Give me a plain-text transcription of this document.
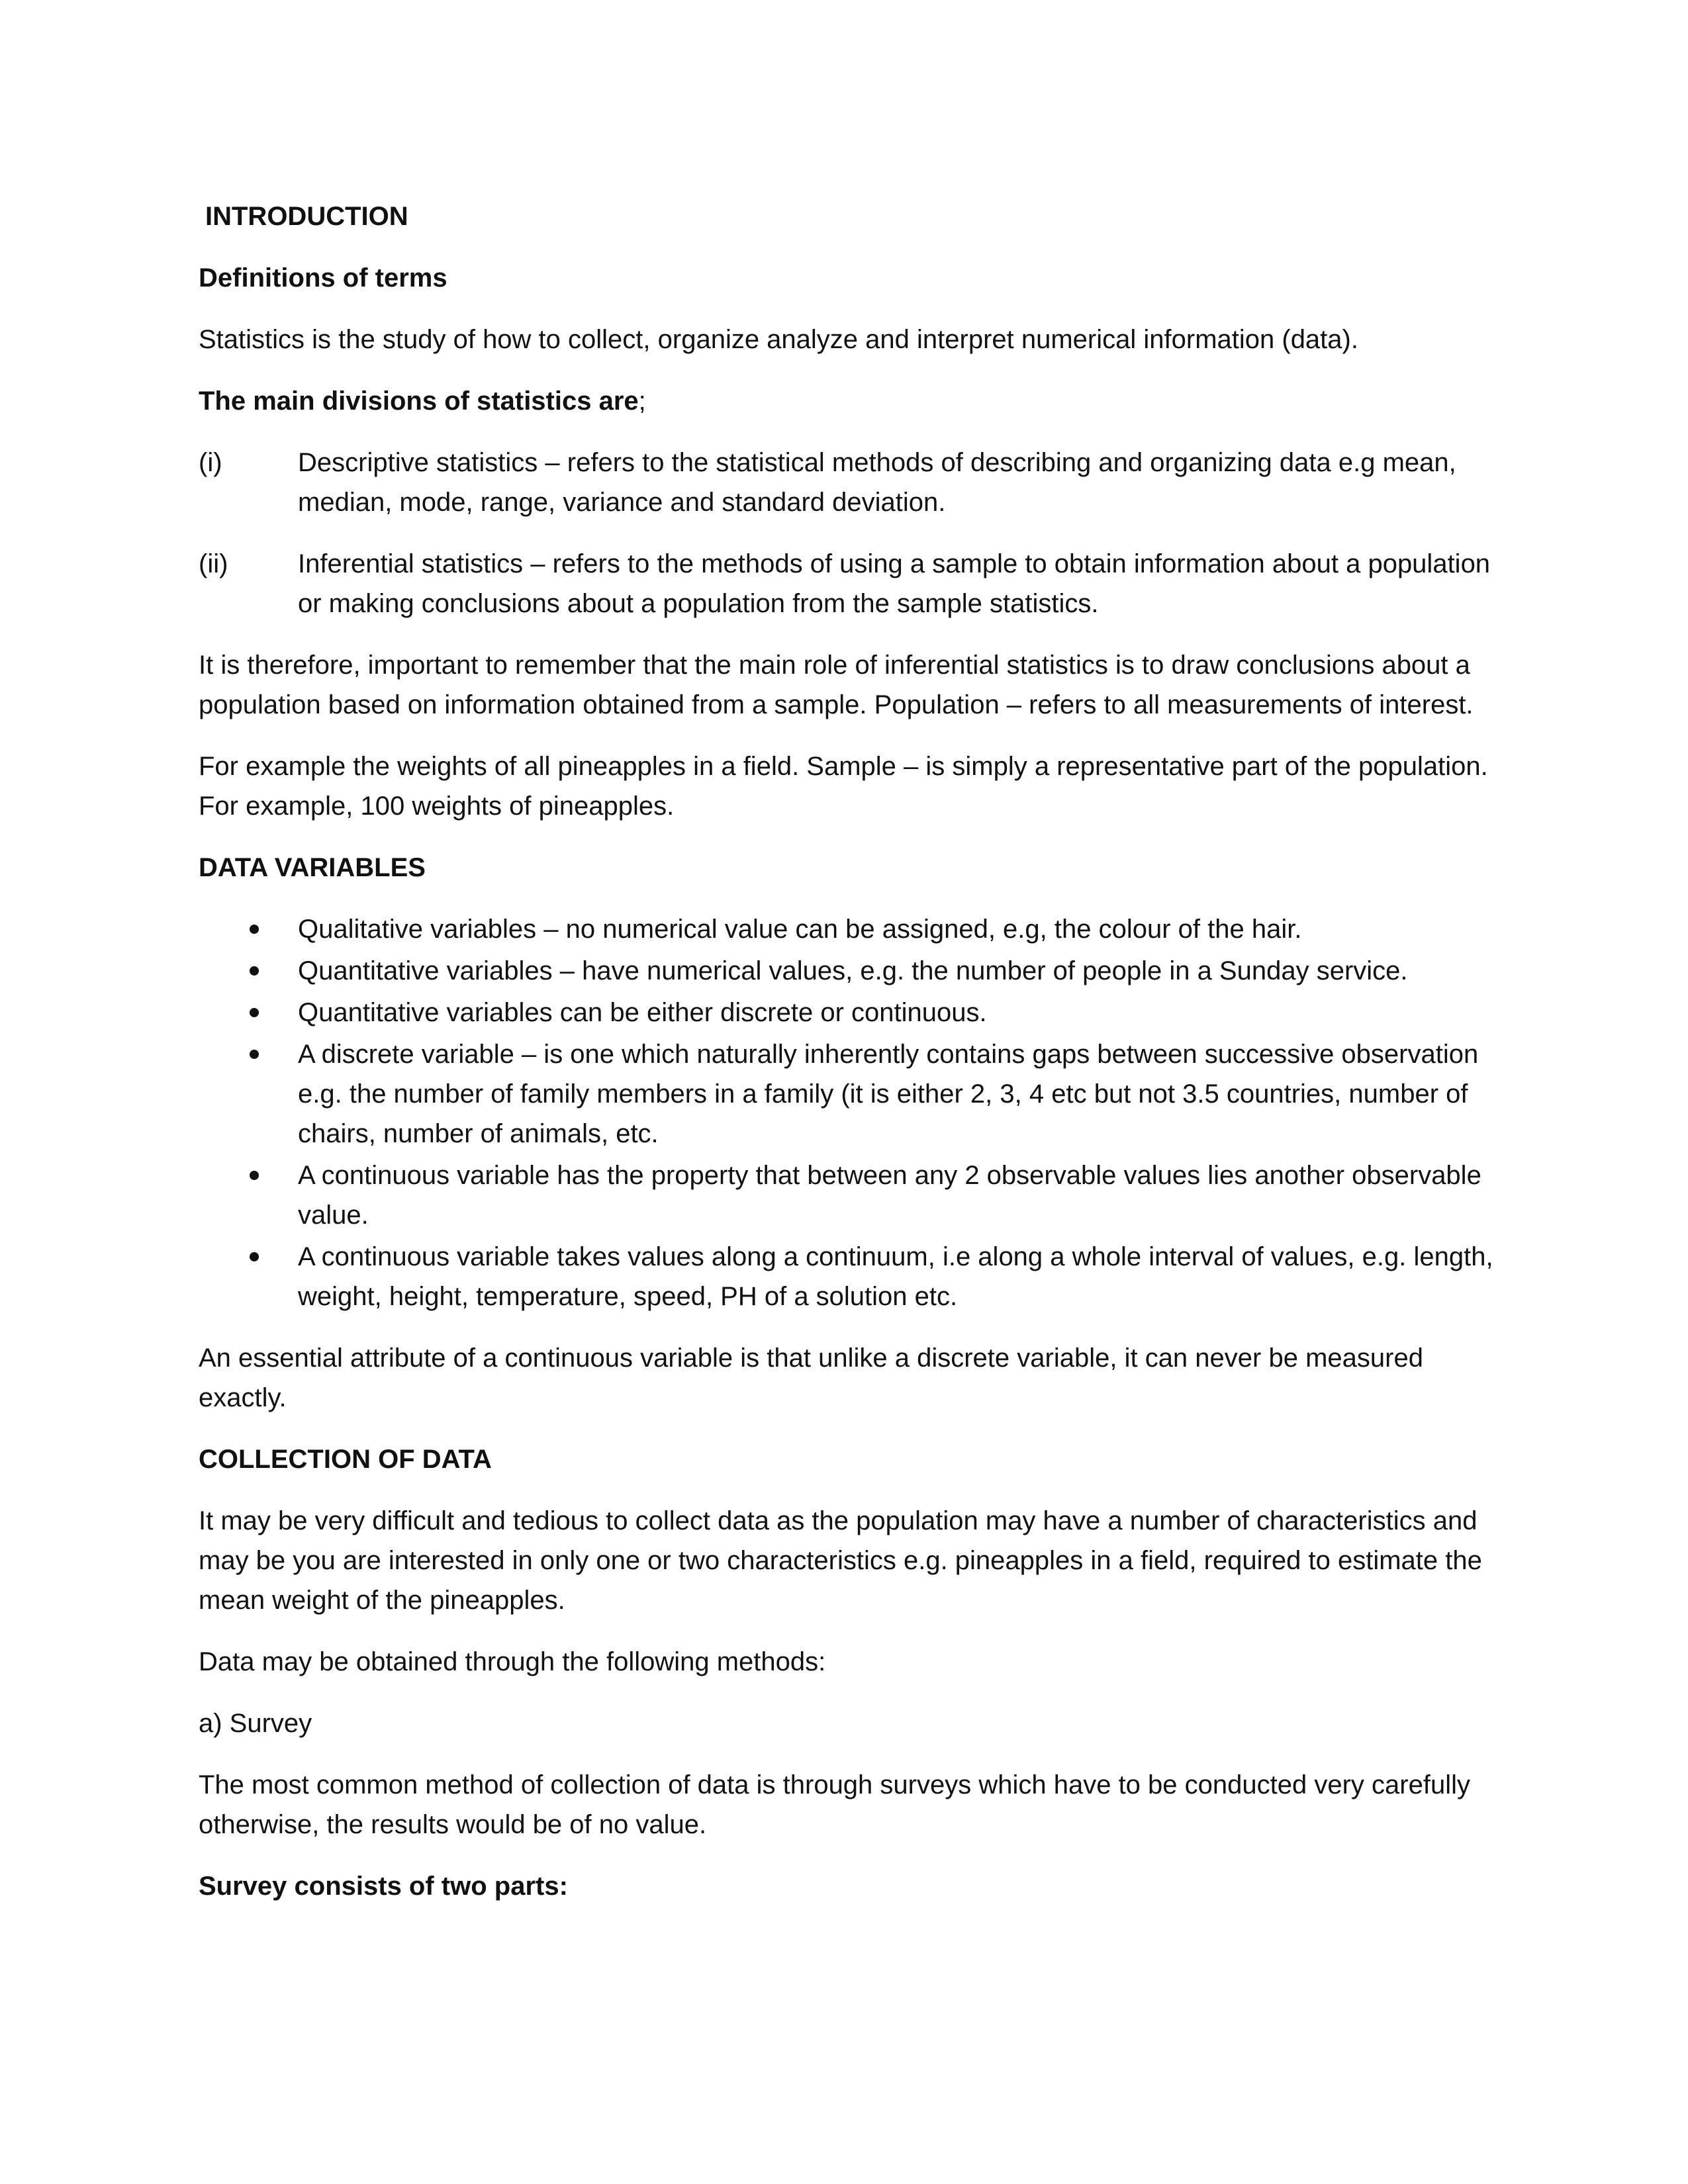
INTRODUCTION

Definitions of terms

Statistics is the study of how to collect, organize analyze and interpret numerical information (data).

The main divisions of statistics are;

(i)	Descriptive statistics – refers to the statistical methods of describing and organizing data e.g mean, median, mode, range, variance and standard deviation.
(ii)	Inferential statistics – refers to the methods of using a sample to obtain information about a population or making conclusions about a population from the sample statistics.

It is therefore, important to remember that the main role of inferential statistics is to draw conclusions about a population based on information obtained from a sample. Population – refers to all measurements of interest.

For example the weights of all pineapples in a field. Sample – is simply a representative part of the population. For example, 100 weights of pineapples.

DATA VARIABLES

Qualitative variables – no numerical value can be assigned, e.g, the colour of the hair.
Quantitative variables – have numerical values, e.g. the number of people in a Sunday service.
Quantitative variables can be either discrete or continuous.
A discrete variable – is one which naturally inherently contains gaps between successive observation e.g. the number of family members in a family (it is either 2, 3, 4 etc but not 3.5 countries, number of chairs, number of animals, etc.
A continuous variable has the property that between any 2 observable values lies another observable value.
A continuous variable takes values along a continuum, i.e along a whole interval of values, e.g. length, weight, height, temperature, speed, PH of a solution etc.

An essential attribute of a continuous variable is that unlike a discrete variable, it can never be measured exactly.

COLLECTION OF DATA

It may be very difficult and tedious to collect data as the population may have a number of characteristics and may be you are interested in only one or two characteristics e.g. pineapples in a field, required to estimate the mean weight of the pineapples.

Data may be obtained through the following methods:

a) Survey

The most common method of collection of data is through surveys which have to be conducted very carefully otherwise, the results would be of no value.

Survey consists of two parts:
